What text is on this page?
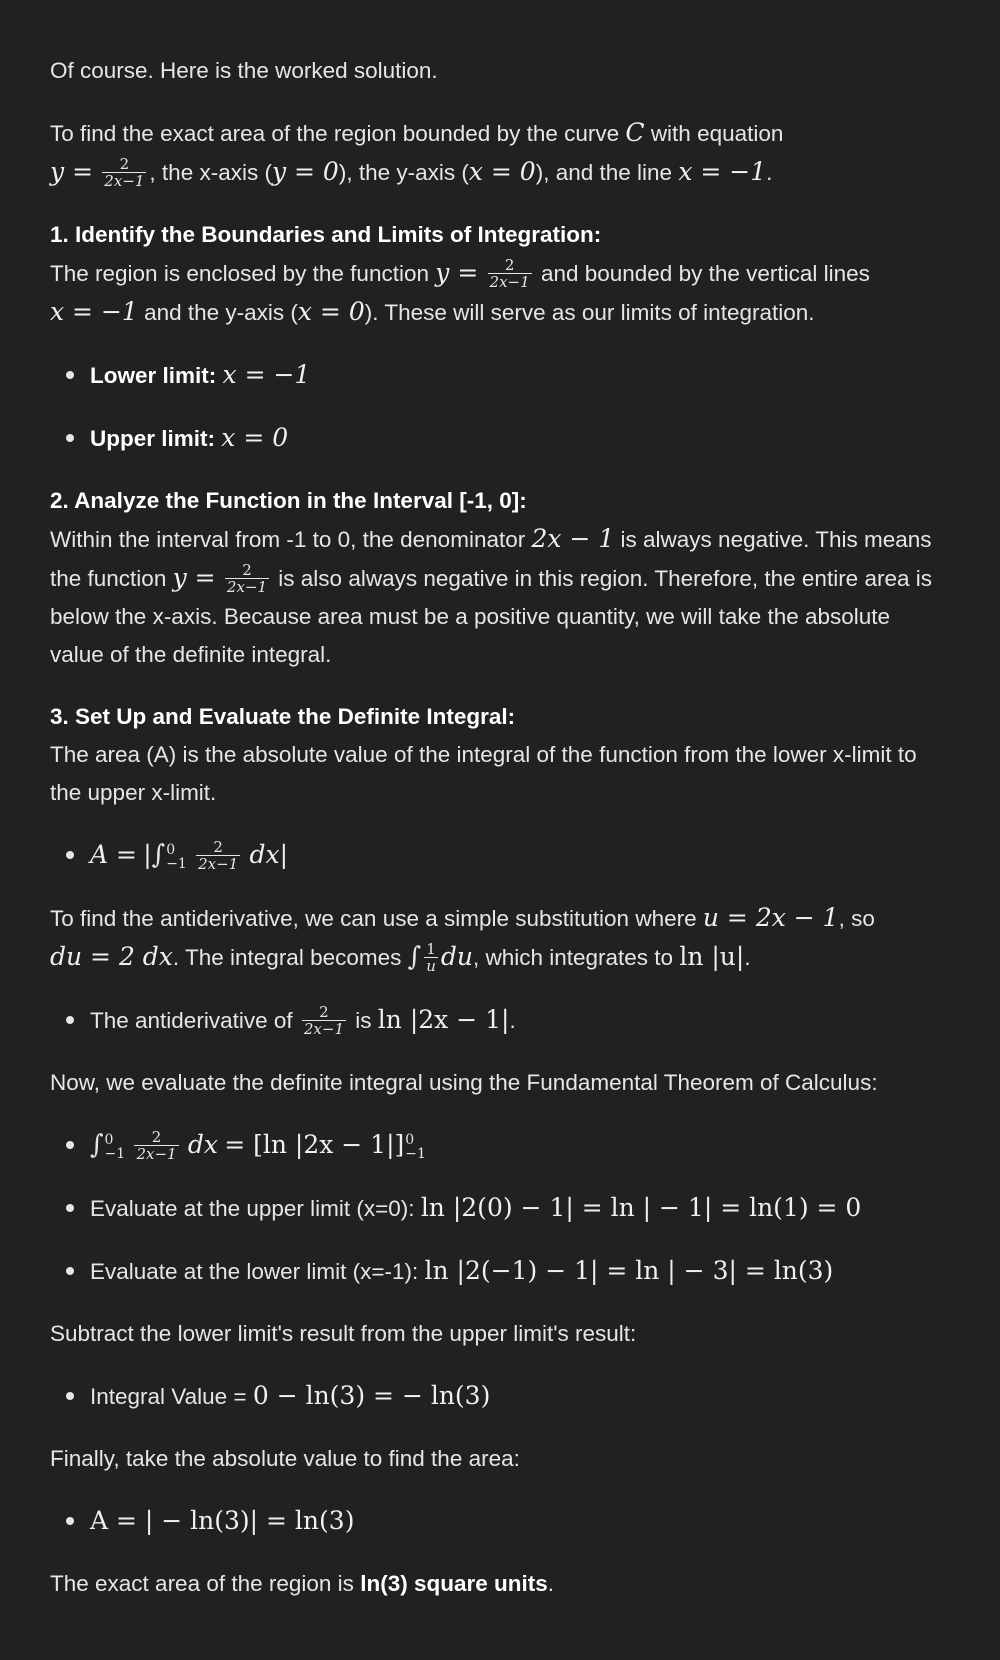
Of course. Here is the worked solution.

To find the exact area of the region bounded by the curve C with equation
$y = \frac{2}{2x-1}$ , the x-axis (y = 0), the y-axis (x = 0), and the line x = −1.

1. Identify the Boundaries and Limits of Integration:

The region is enclosed by the function $y = \frac{2}{2x-1}$ and bounded by the vertical lines
x = −1 and the y-axis (x = 0). These will serve as our limits of integration.

Lower limit: x = −1
Upper limit: x = 0

2. Analyze the Function in the Interval [-1, 0]:

Within the interval from -1 to 0, the denominator 2x − 1 is always negative. This means the function $y = \frac{2}{2x-1}$ is also always negative in this region. Therefore, the entire area is below the x-axis. Because area must be a positive quantity, we will take the absolute value of the definite integral.

3. Set Up and Evaluate the Definite Integral:

The area (A) is the absolute value of the integral of the function from the lower x-limit to the upper x-limit.

A = |∫ 0
−1
$\frac{2}{2x-1} dx|$

To find the antiderivative, we can use a simple substitution where u = 2x − 1, so
du = 2 dx. The integral becomes ∫ $\frac{1}{u}$ du, which integrates to ln |u|.

The antiderivative of $\frac{2}{2x-1}$ is ln |2x − 1|.

Now, we evaluate the definite integral using the Fundamental Theorem of Calculus:

∫ 0
−1
$\frac{2}{2x-1}$ dx = [ln |2x − 1|] 0
−1
Evaluate at the upper limit (x=0): ln |2(0) − 1| = ln | − 1| = ln(1) = 0
Evaluate at the lower limit (x=-1): ln |2(−1) − 1| = ln | − 3| = ln(3)

Subtract the lower limit's result from the upper limit's result:

Integral Value = 0 − ln(3) = − ln(3)

Finally, take the absolute value to find the area:

A = | − ln(3)| = ln(3)

The exact area of the region is ln(3) square units.
